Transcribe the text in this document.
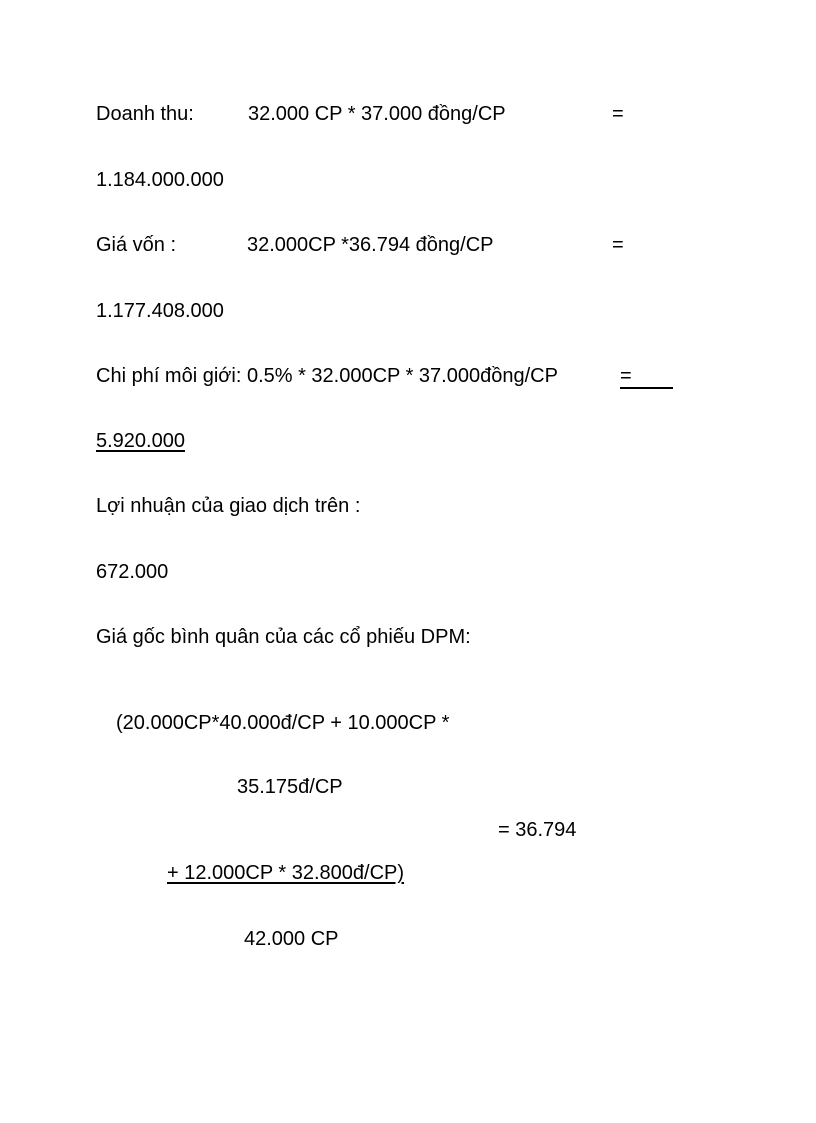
Doanh thu:	32.000 CP * 37.000 đồng/CP	=
1.184.000.000
Giá vốn :	32.000CP *36.794 đồng/CP	=
1.177.408.000
Chi phí môi giới: 0.5% * 32.000CP * 37.000đồng/CP	=
5.920.000
Lợi nhuận của giao dịch trên :
672.000
Giá gốc bình quân của các cổ phiếu DPM:
(20.000CP*40.000đ/CP + 10.000CP *
35.175đ/CP
= 36.794
+ 12.000CP * 32.800đ/CP)
42.000 CP
